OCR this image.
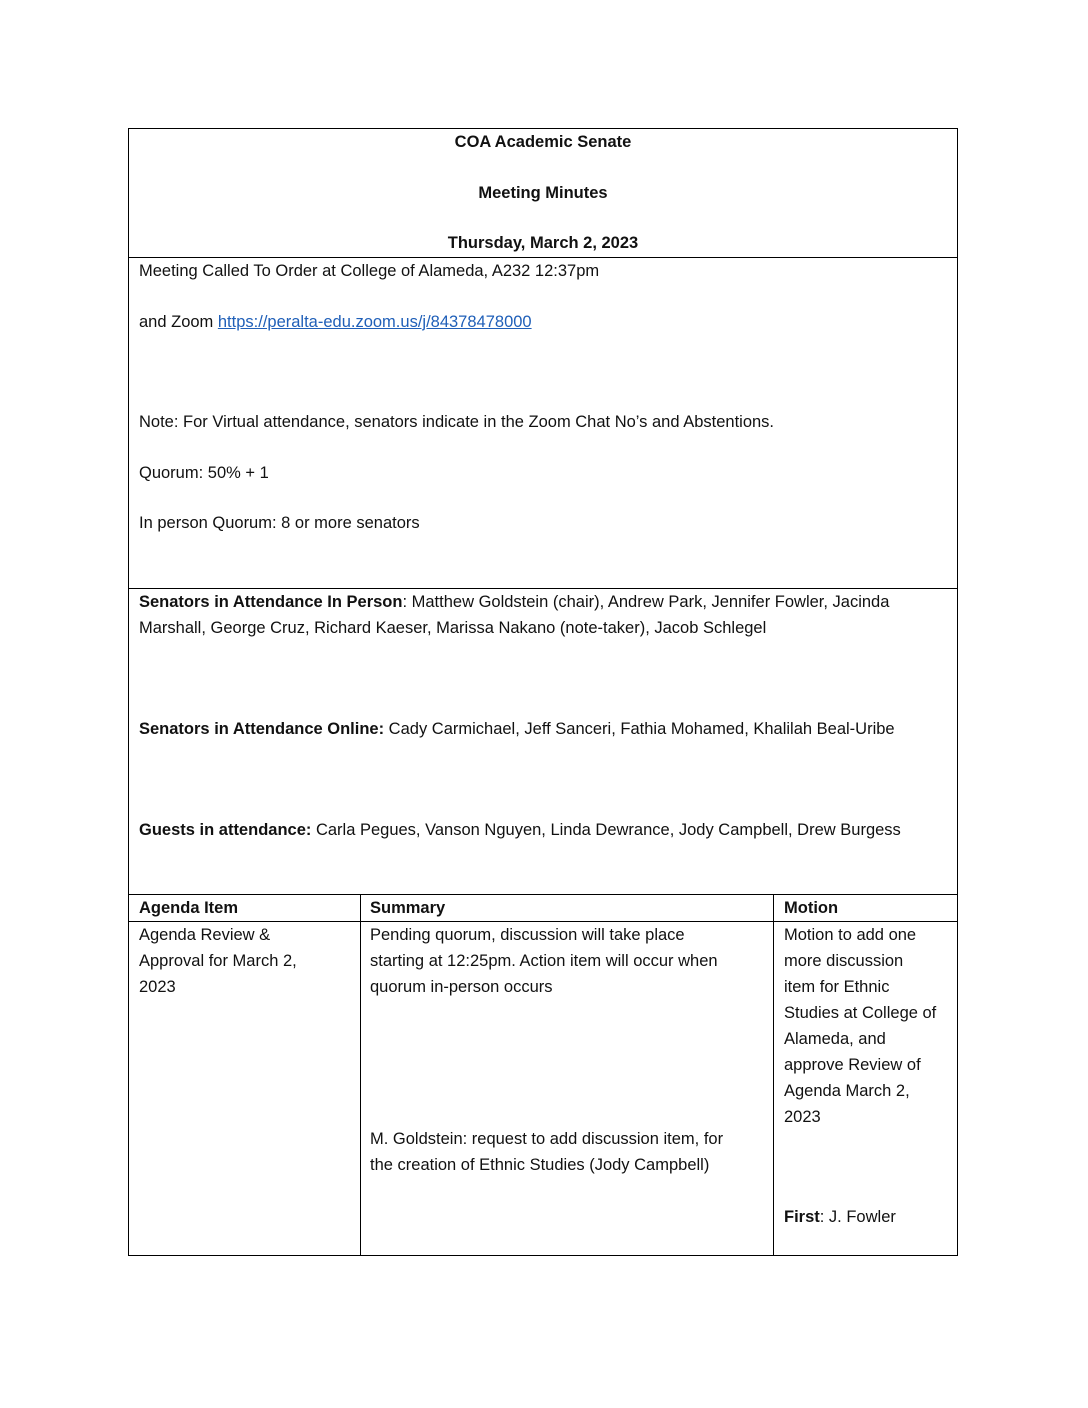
COA Academic Senate
Meeting Minutes
Thursday, March 2, 2023
Meeting Called To Order at College of Alameda, A232 12:37pm
and Zoom https://peralta-edu.zoom.us/j/84378478000
Note: For Virtual attendance, senators indicate in the Zoom Chat No’s and Abstentions.
Quorum: 50% + 1
In person Quorum: 8 or more senators
Senators in Attendance In Person: Matthew Goldstein (chair), Andrew Park, Jennifer Fowler, Jacinda
Marshall, George Cruz, Richard Kaeser, Marissa Nakano (note-taker), Jacob Schlegel
Senators in Attendance Online: Cady Carmichael, Jeff Sanceri, Fathia Mohamed, Khalilah Beal-Uribe
Guests in attendance: Carla Pegues, Vanson Nguyen, Linda Dewrance, Jody Campbell, Drew Burgess
Agenda Item	Summary	Motion
Agenda Review &
Approval for March 2,
2023
Pending quorum, discussion will take place
starting at 12:25pm. Action item will occur when
quorum in-person occurs
M. Goldstein: request to add discussion item, for
the creation of Ethnic Studies (Jody Campbell)
Motion to add one
more discussion
item for Ethnic
Studies at College of
Alameda, and
approve Review of
Agenda March 2,
2023
First: J. Fowler
